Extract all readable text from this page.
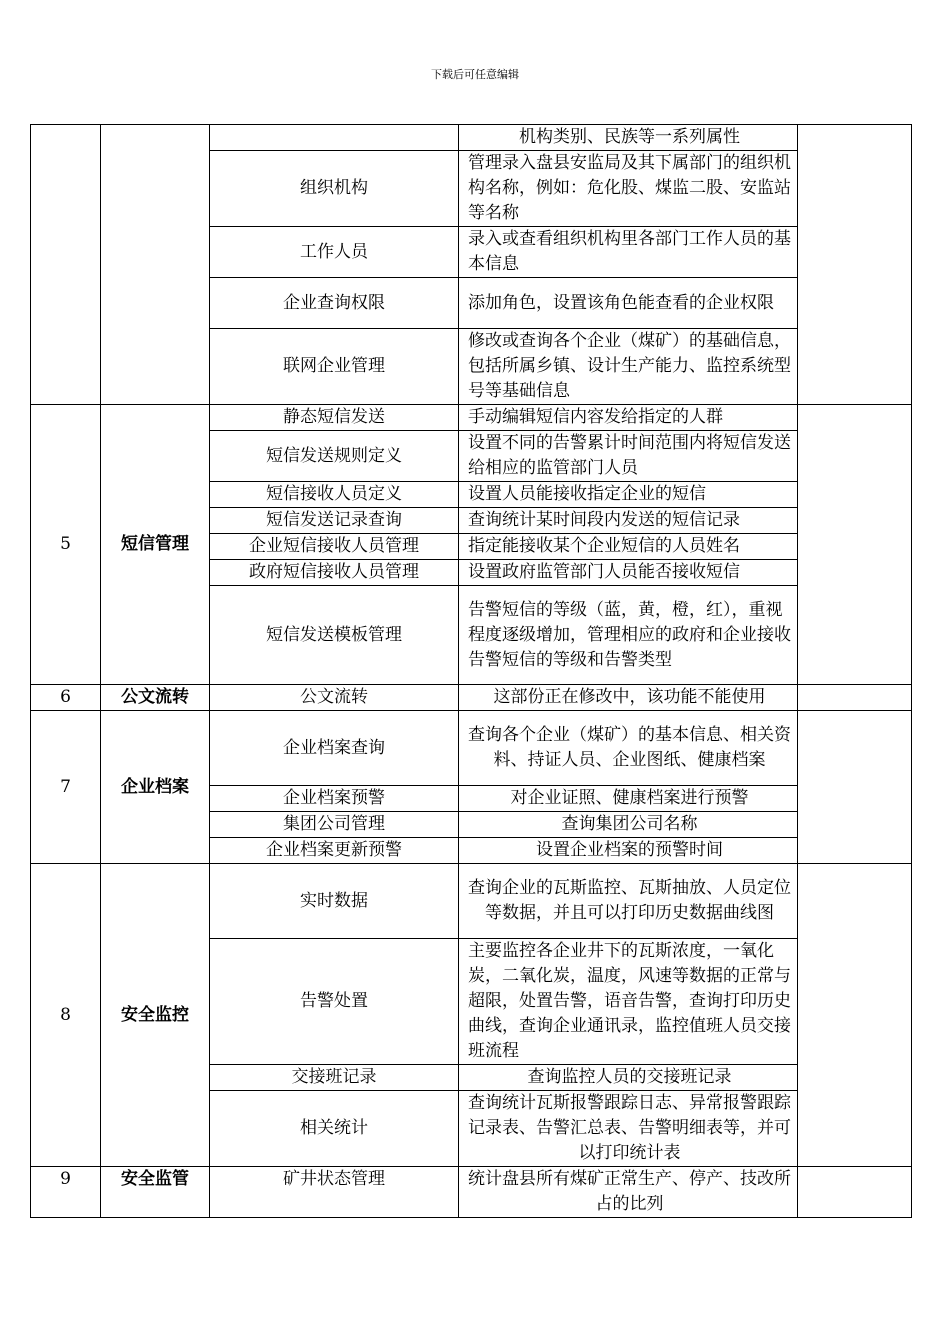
下载后可任意编辑
			机构类别、民族等一系列属性	
		组织机构	管理录入盘县安监局及其下属部门的组织机构名称，例如：危化股、煤监二股、安监站等名称	
		工作人员	录入或查看组织机构里各部门工作人员的基本信息	
		企业查询权限	添加角色，设置该角色能查看的企业权限	
		联网企业管理	修改或查询各个企业（煤矿）的基础信息，包括所属乡镇、设计生产能力、监控系统型号等基础信息	
5	短信管理	静态短信发送	手动编辑短信内容发给指定的人群	
		短信发送规则定义	设置不同的告警累计时间范围内将短信发送给相应的监管部门人员	
		短信接收人员定义	设置人员能接收指定企业的短信	
		短信发送记录查询	查询统计某时间段内发送的短信记录	
		企业短信接收人员管理	指定能接收某个企业短信的人员姓名	
		政府短信接收人员管理	设置政府监管部门人员能否接收短信	
		短信发送模板管理	告警短信的等级（蓝，黄，橙，红），重视程度逐级增加，管理相应的政府和企业接收告警短信的等级和告警类型	
6	公文流转	公文流转	这部份正在修改中，该功能不能使用	
7	企业档案	企业档案查询	查询各个企业（煤矿）的基本信息、相关资料、持证人员、企业图纸、健康档案	
		企业档案预警	对企业证照、健康档案进行预警	
		集团公司管理	查询集团公司名称	
		企业档案更新预警	设置企业档案的预警时间	
8	安全监控	实时数据	查询企业的瓦斯监控、瓦斯抽放、人员定位等数据，并且可以打印历史数据曲线图	
		告警处置	主要监控各企业井下的瓦斯浓度，一氧化炭，二氧化炭，温度，风速等数据的正常与超限，处置告警，语音告警，查询打印历史曲线，查询企业通讯录，监控值班人员交接班流程	
		交接班记录	查询监控人员的交接班记录	
		相关统计	查询统计瓦斯报警跟踪日志、异常报警跟踪记录表、告警汇总表、告警明细表等，并可以打印统计表	
9	安全监管	矿井状态管理	统计盘县所有煤矿正常生产、停产、技改所占的比列	
